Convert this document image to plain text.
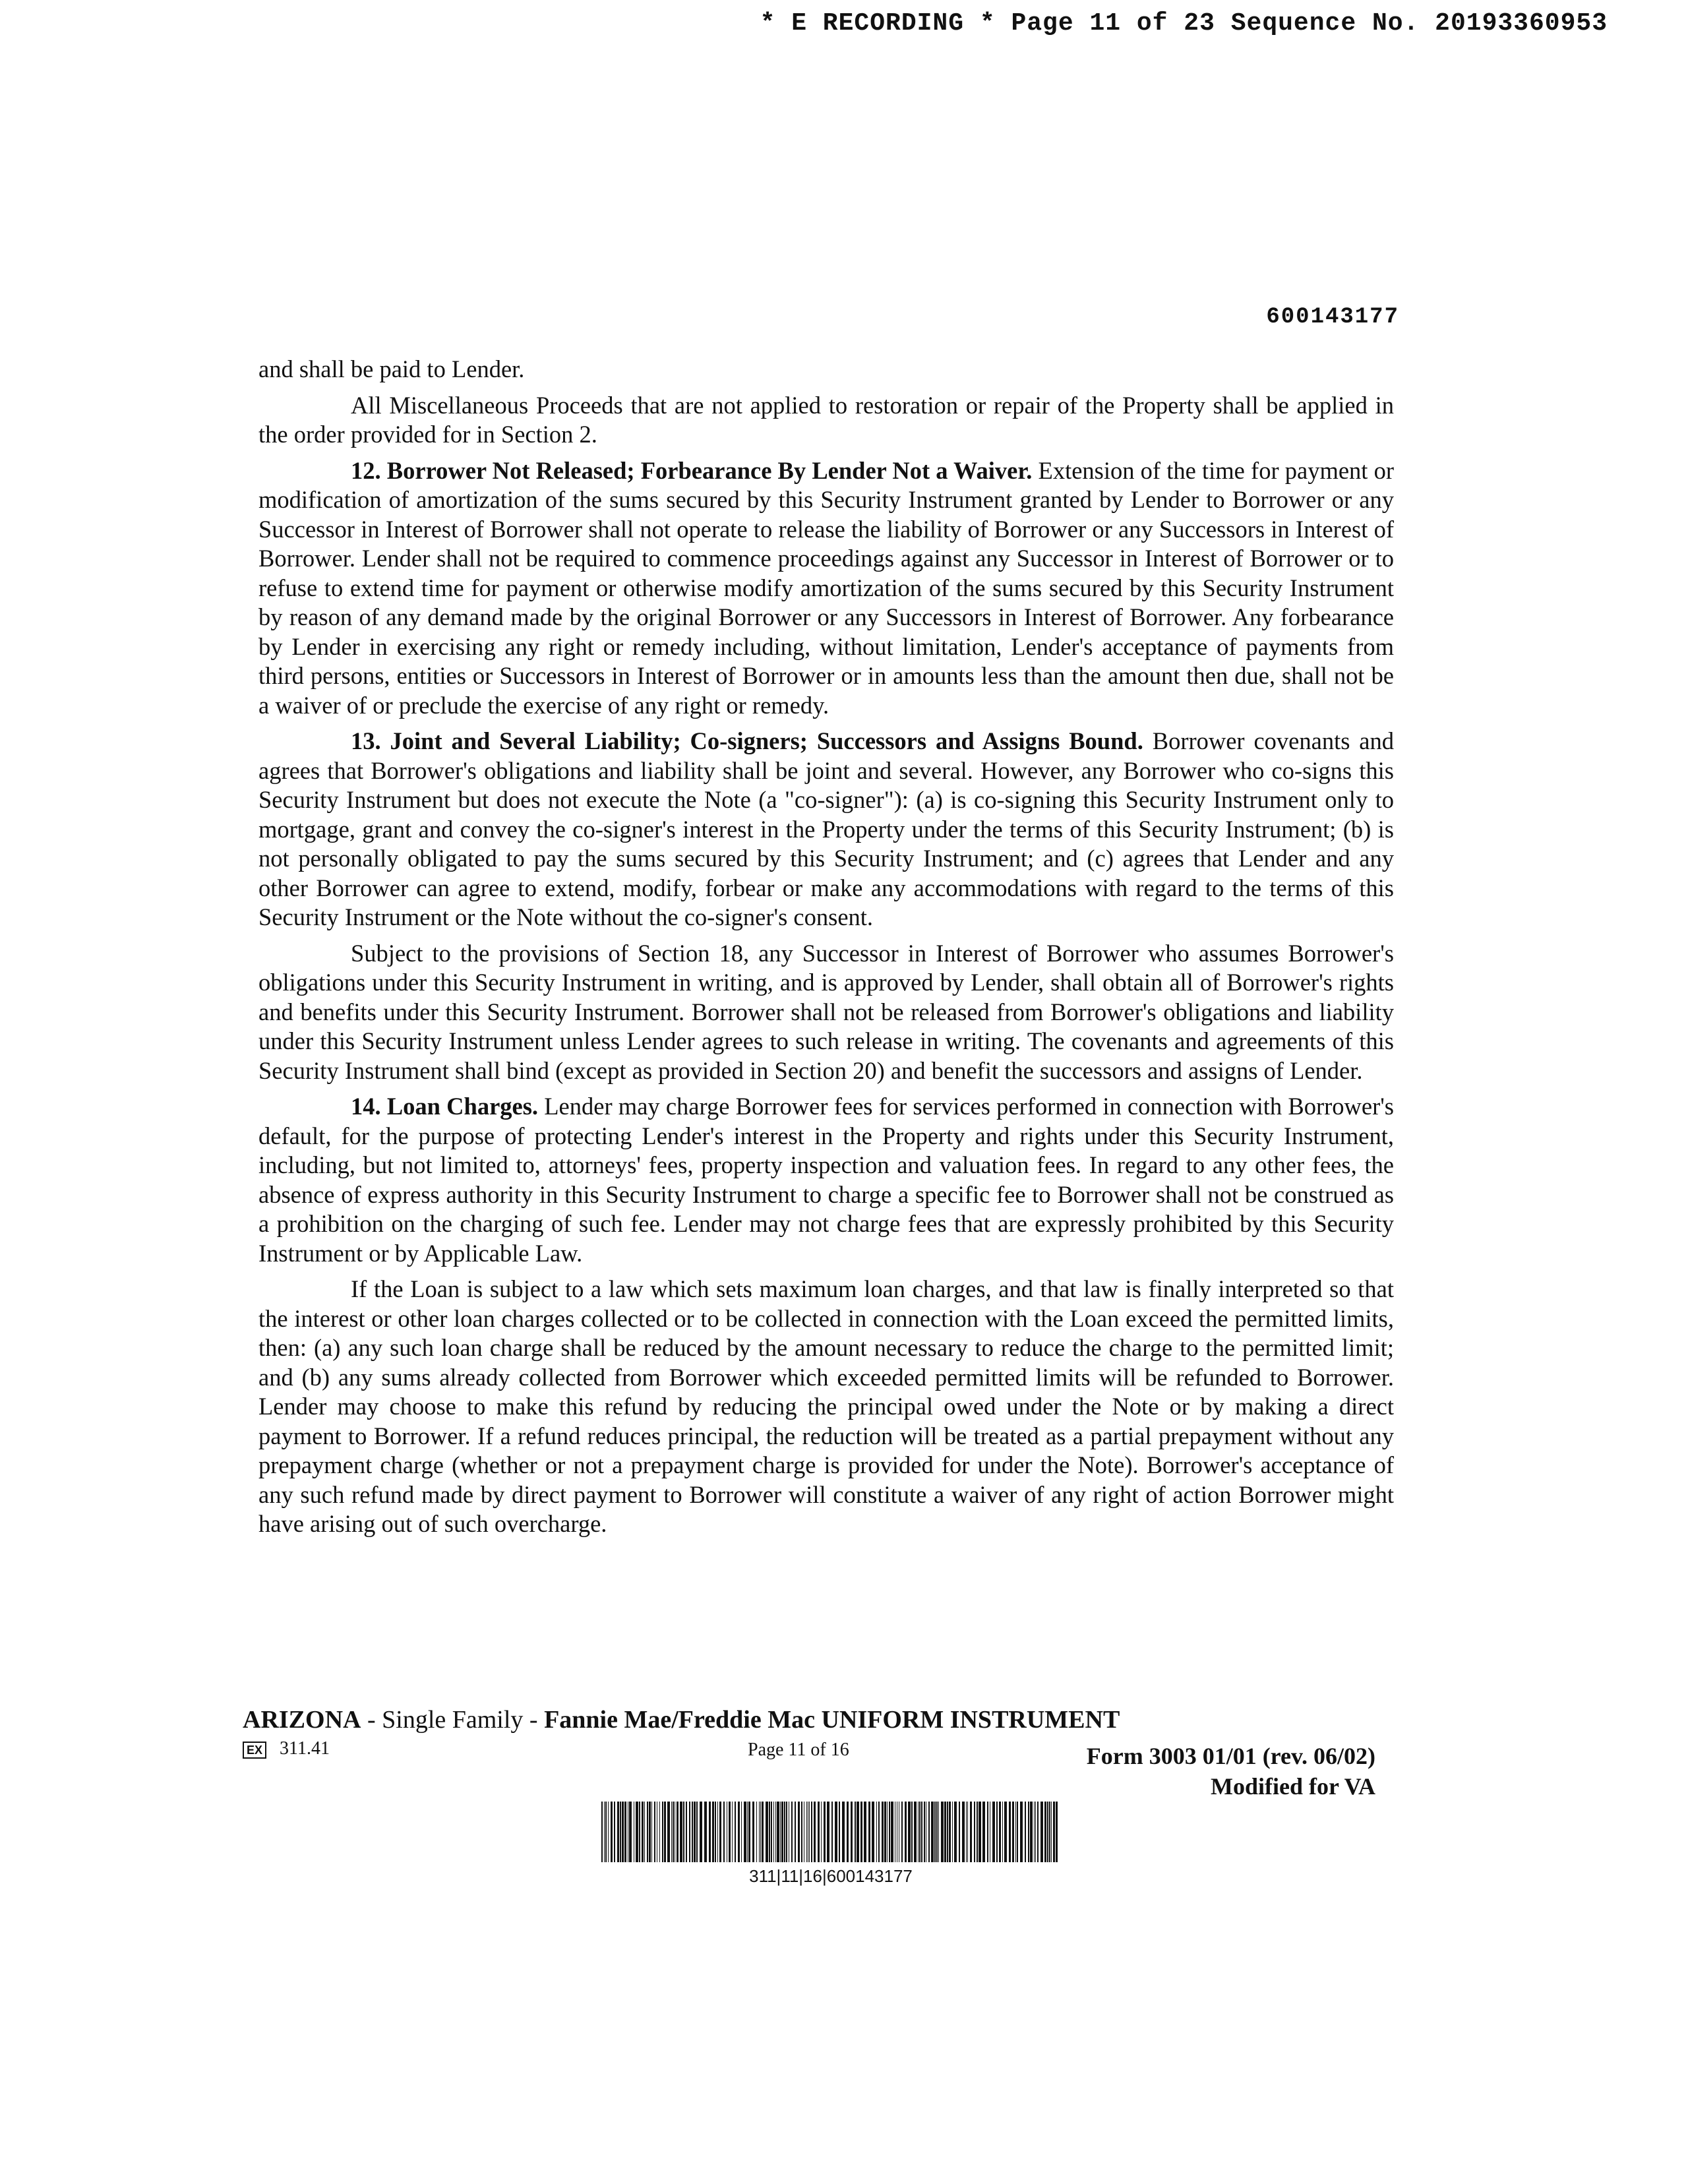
* E RECORDING * Page 11 of 23 Sequence No. 20193360953
600143177

and shall be paid to Lender.

All Miscellaneous Proceeds that are not applied to restoration or repair of the Property shall be applied in the order provided for in Section 2.

12. Borrower Not Released; Forbearance By Lender Not a Waiver. Extension of the time for payment or modification of amortization of the sums secured by this Security Instrument granted by Lender to Borrower or any Successor in Interest of Borrower shall not operate to release the liability of Borrower or any Successors in Interest of Borrower. Lender shall not be required to commence proceedings against any Successor in Interest of Borrower or to refuse to extend time for payment or otherwise modify amortization of the sums secured by this Security Instrument by reason of any demand made by the original Borrower or any Successors in Interest of Borrower. Any forbearance by Lender in exercising any right or remedy including, without limitation, Lender's acceptance of payments from third persons, entities or Successors in Interest of Borrower or in amounts less than the amount then due, shall not be a waiver of or preclude the exercise of any right or remedy.

13. Joint and Several Liability; Co-signers; Successors and Assigns Bound. Borrower covenants and agrees that Borrower's obligations and liability shall be joint and several. However, any Borrower who co-signs this Security Instrument but does not execute the Note (a "co-signer"): (a) is co-signing this Security Instrument only to mortgage, grant and convey the co-signer's interest in the Property under the terms of this Security Instrument; (b) is not personally obligated to pay the sums secured by this Security Instrument; and (c) agrees that Lender and any other Borrower can agree to extend, modify, forbear or make any accommodations with regard to the terms of this Security Instrument or the Note without the co-signer's consent.

Subject to the provisions of Section 18, any Successor in Interest of Borrower who assumes Borrower's obligations under this Security Instrument in writing, and is approved by Lender, shall obtain all of Borrower's rights and benefits under this Security Instrument. Borrower shall not be released from Borrower's obligations and liability under this Security Instrument unless Lender agrees to such release in writing. The covenants and agreements of this Security Instrument shall bind (except as provided in Section 20) and benefit the successors and assigns of Lender.

14. Loan Charges. Lender may charge Borrower fees for services performed in connection with Borrower's default, for the purpose of protecting Lender's interest in the Property and rights under this Security Instrument, including, but not limited to, attorneys' fees, property inspection and valuation fees. In regard to any other fees, the absence of express authority in this Security Instrument to charge a specific fee to Borrower shall not be construed as a prohibition on the charging of such fee. Lender may not charge fees that are expressly prohibited by this Security Instrument or by Applicable Law.

If the Loan is subject to a law which sets maximum loan charges, and that law is finally interpreted so that the interest or other loan charges collected or to be collected in connection with the Loan exceed the permitted limits, then: (a) any such loan charge shall be reduced by the amount necessary to reduce the charge to the permitted limit; and (b) any sums already collected from Borrower which exceeded permitted limits will be refunded to Borrower. Lender may choose to make this refund by reducing the principal owed under the Note or by making a direct payment to Borrower. If a refund reduces principal, the reduction will be treated as a partial prepayment without any prepayment charge (whether or not a prepayment charge is provided for under the Note). Borrower's acceptance of any such refund made by direct payment to Borrower will constitute a waiver of any right of action Borrower might have arising out of such overcharge.

ARIZONA - Single Family - Fannie Mae/Freddie Mac UNIFORM INSTRUMENT
EX 311.41	Page 11 of 16	Form 3003 01/01 (rev. 06/02)
Modified for VA
311|11|16|600143177
